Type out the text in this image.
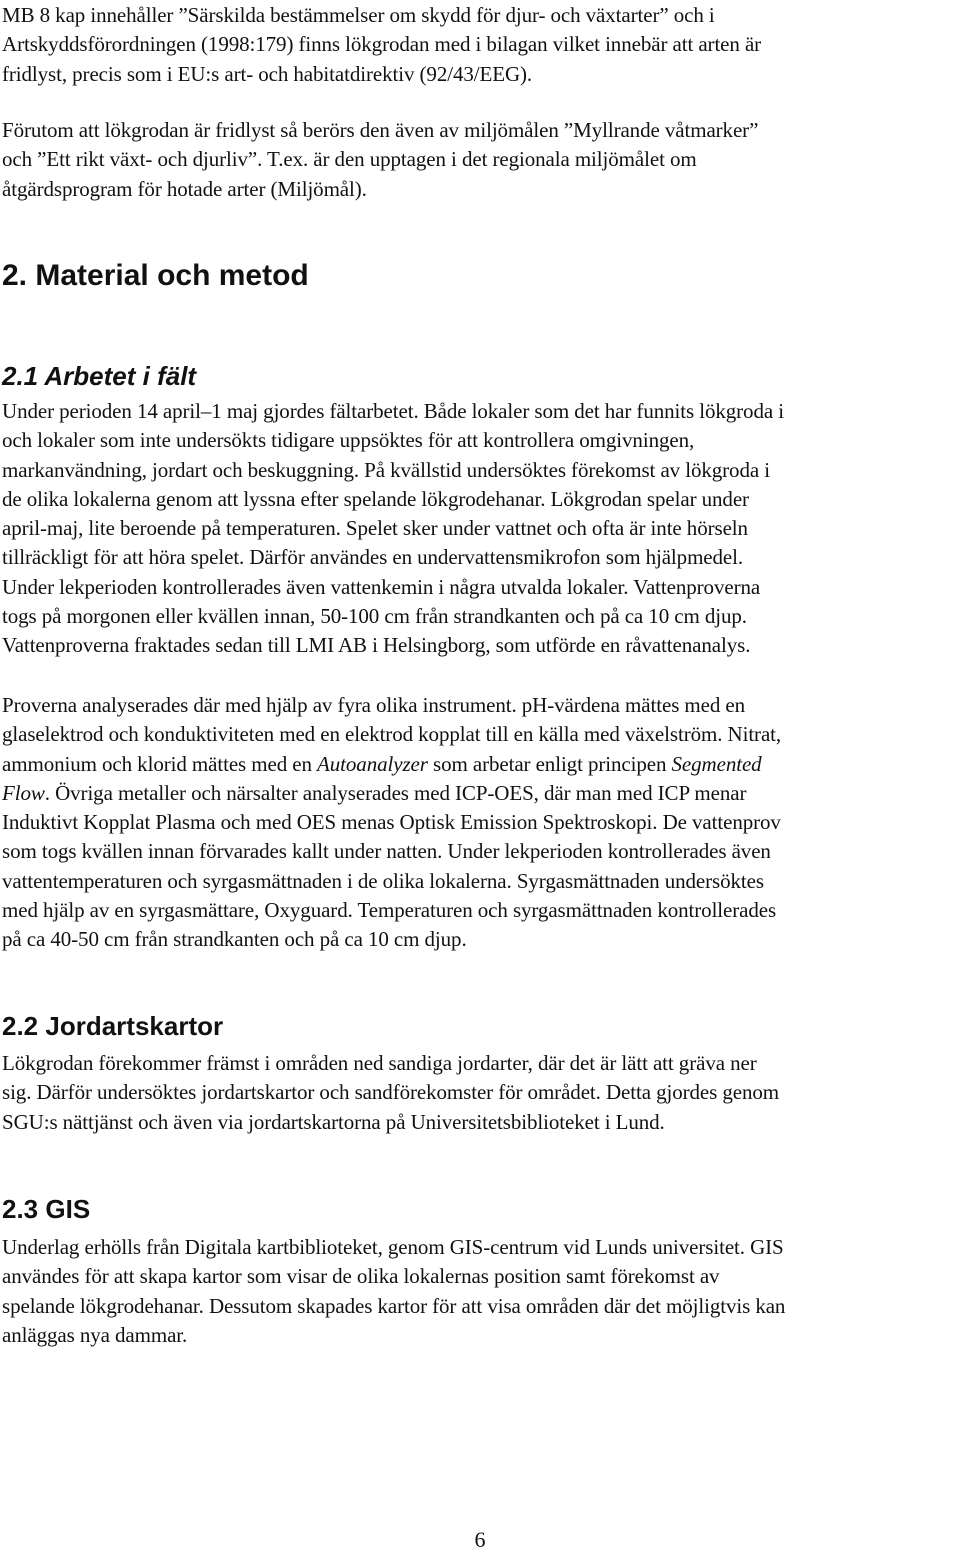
MB 8 kap innehåller ”Särskilda bestämmelser om skydd för djur- och växtarter” och i
Artskyddsförordningen (1998:179) finns lökgrodan med i bilagan vilket innebär att arten är
fridlyst, precis som i EU:s art- och habitatdirektiv (92/43/EEG).

Förutom att lökgrodan är fridlyst så berörs den även av miljömålen ”Myllrande våtmarker”
och ”Ett rikt växt- och djurliv”. T.ex. är den upptagen i det regionala miljömålet om
åtgärdsprogram för hotade arter (Miljömål).

2. Material och metod
2.1 Arbetet i fält

Under perioden 14 april–1 maj gjordes fältarbetet. Både lokaler som det har funnits lökgroda i
och lokaler som inte undersökts tidigare uppsöktes för att kontrollera omgivningen,
markanvändning, jordart och beskuggning. På kvällstid undersöktes förekomst av lökgroda i
de olika lokalerna genom att lyssna efter spelande lökgrodehanar. Lökgrodan spelar under
april-maj, lite beroende på temperaturen. Spelet sker under vattnet och ofta är inte hörseln
tillräckligt för att höra spelet. Därför användes en undervattensmikrofon som hjälpmedel.
Under lekperioden kontrollerades även vattenkemin i några utvalda lokaler. Vattenproverna
togs på morgonen eller kvällen innan, 50-100 cm från strandkanten och på ca 10 cm djup.
Vattenproverna fraktades sedan till LMI AB i Helsingborg, som utförde en råvattenanalys.

Proverna analyserades där med hjälp av fyra olika instrument. pH-värdena mättes med en
glaselektrod och konduktiviteten med en elektrod kopplat till en källa med växelström. Nitrat,
ammonium och klorid mättes med en Autoanalyzer som arbetar enligt principen Segmented
Flow. Övriga metaller och närsalter analyserades med ICP-OES, där man med ICP menar
Induktivt Kopplat Plasma och med OES menas Optisk Emission Spektroskopi. De vattenprov
som togs kvällen innan förvarades kallt under natten. Under lekperioden kontrollerades även
vattentemperaturen och syrgasmättnaden i de olika lokalerna. Syrgasmättnaden undersöktes
med hjälp av en syrgasmättare, Oxyguard. Temperaturen och syrgasmättnaden kontrollerades
på ca 40-50 cm från strandkanten och på ca 10 cm djup.

2.2 Jordartskartor

Lökgrodan förekommer främst i områden ned sandiga jordarter, där det är lätt att gräva ner
sig. Därför undersöktes jordartskartor och sandförekomster för området. Detta gjordes genom
SGU:s nättjänst och även via jordartskartorna på Universitetsbiblioteket i Lund.

2.3 GIS

Underlag erhölls från Digitala kartbiblioteket, genom GIS-centrum vid Lunds universitet. GIS
användes för att skapa kartor som visar de olika lokalernas position samt förekomst av
spelande lökgrodehanar. Dessutom skapades kartor för att visa områden där det möjligtvis kan
anläggas nya dammar.

6
